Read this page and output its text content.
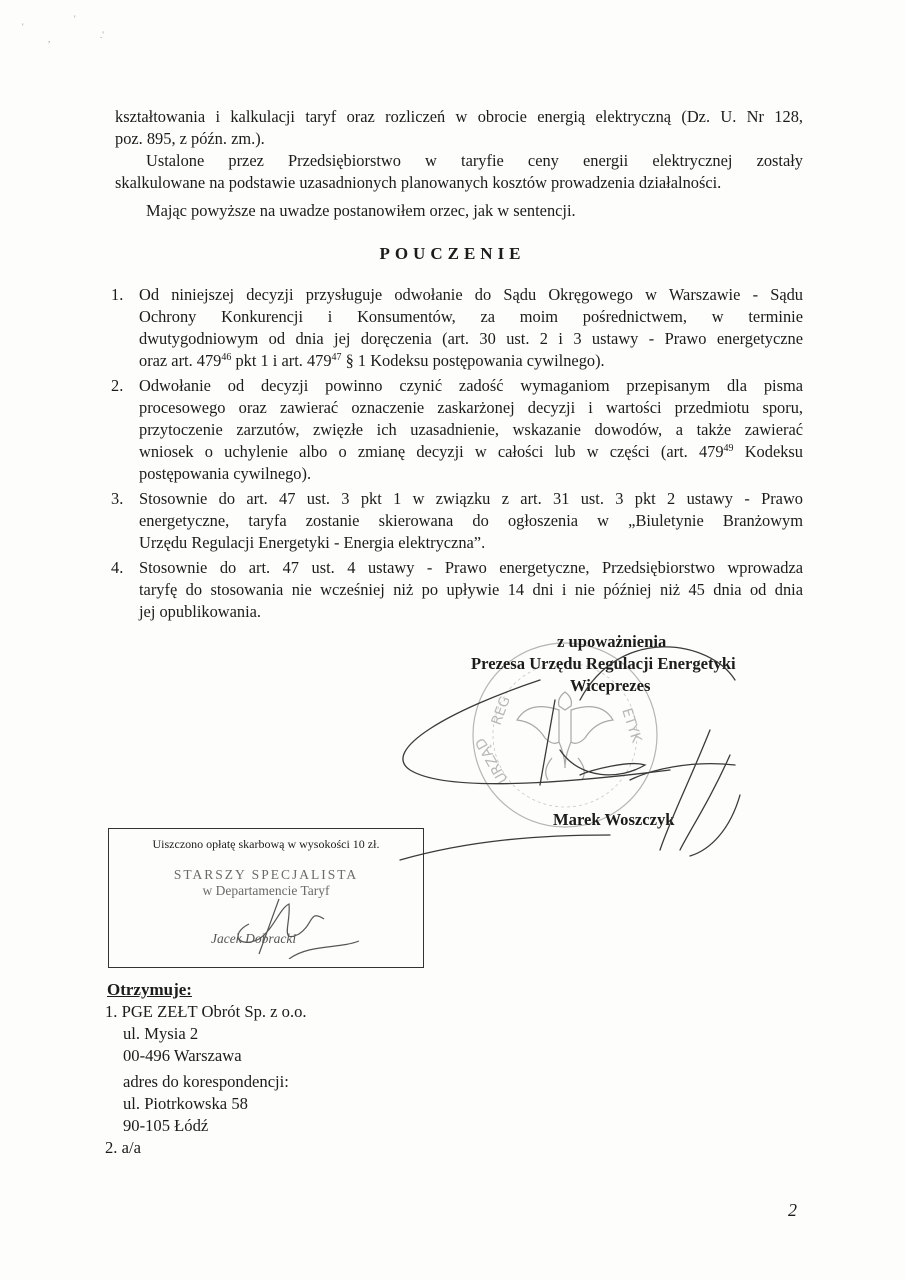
'
,
'
.'
kształtowania i kalkulacji taryf oraz rozliczeń w obrocie energią elektryczną (Dz. U. Nr 128,
poz. 895, z późn. zm.).
Ustalone przez Przedsiębiorstwo w taryfie ceny energii elektrycznej zostały
skalkulowane na podstawie uzasadnionych planowanych kosztów prowadzenia działalności.
Mając powyższe na uwadze postanowiłem orzec, jak w sentencji.
POUCZENIE
1. Od niniejszej decyzji przysługuje odwołanie do Sądu Okręgowego w Warszawie - Sądu
Ochrony Konkurencji i Konsumentów, za moim pośrednictwem, w terminie
dwutygodniowym od dnia jej doręczenia (art. 30 ust. 2 i 3 ustawy - Prawo energetyczne
oraz art. $479^{46}$ pkt 1 i art. $479^{47}$ § 1 Kodeksu postępowania cywilnego).
2. Odwołanie od decyzji powinno czynić zadość wymaganiom przepisanym dla pisma
procesowego oraz zawierać oznaczenie zaskarżonej decyzji i wartości przedmiotu sporu,
przytoczenie zarzutów, zwięzłe ich uzasadnienie, wskazanie dowodów, a także zawierać
wniosek o uchylenie albo o zmianę decyzji w całości lub w części (art. $479^{49}$ Kodeksu
postępowania cywilnego).
3. Stosownie do art. 47 ust. 3 pkt 1 w związku z art. 31 ust. 3 pkt 2 ustawy - Prawo
energetyczne, taryfa zostanie skierowana do ogłoszenia w „Biuletynie Branżowym
Urzędu Regulacji Energetyki - Energia elektryczna”.
4. Stosownie do art. 47 ust. 4 ustawy - Prawo energetyczne, Przedsiębiorstwo wprowadza
taryfę do stosowania nie wcześniej niż po upływie 14 dni i nie później niż 45 dnia od dnia
jej opublikowania.
REG	ETYK
URZĄD
z upoważnienia
Prezesa Urzędu Regulacji Energetyki
Wiceprezes
Marek Woszczyk
Uiszczono opłatę skarbową w wysokości 10 zł.
STARSZY SPECJALISTA
w Departamencie Taryf
Jacek Dobracki
Otrzymuje:
1. PGE ZEŁT Obrót Sp. z o.o.
ul. Mysia 2
00-496 Warszawa
adres do korespondencji:
ul. Piotrkowska 58
90-105 Łódź
2. a/a
2
